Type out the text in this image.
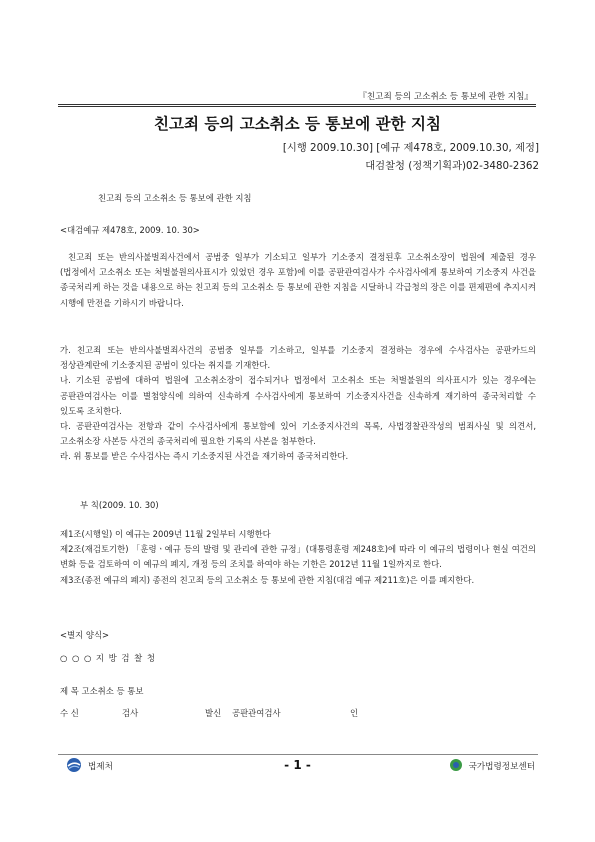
『친고죄 등의 고소취소 등 통보에 관한 지침』
친고죄 등의 고소취소 등 통보에 관한 지침
[시행 2009.10.30] [예규 제478호, 2009.10.30, 제정]
대검찰청 (정책기획과)02-3480-2362
친고죄 등의 고소취소 등 통보에 관한 지침
<대검예규 제478호, 2009. 10. 30>
친고죄 또는 반의사불벌죄사건에서 공범중 일부가 기소되고 일부가 기소중지 결정된후 고소취소장이 법원에 제출된 경우(법정에서 고소취소 또는 처벌불원의사표시가 있었던 경우 포함)에 이를 공판관여검사가 수사검사에게 통보하여 기소중지 사건을 종국처리케 하는 것을 내용으로 하는 친고죄 등의 고소취소 등 통보에 관한 지침을 시달하니 각급청의 장은 이를 편제편에 추지시켜 시행에 만전을 기하시기 바랍니다.
가. 친고죄 또는 반의사불벌죄사건의 공범중 일부를 기소하고, 일부를 기소중지 결정하는 경우에 수사검사는 공판카드의 정상관계란에 기소중지된 공범이 있다는 취지를 기재한다.
나. 기소된 공범에 대하여 법원에 고소취소장이 접수되거나 법정에서 고소취소 또는 처벌불원의 의사표시가 있는 경우에는 공판관여검사는 이를 별첨양식에 의하여 신속하게 수사검사에게 통보하여 기소중지사건을 신속하게 재기하여 종국처리할 수 있도록 조치한다.
다. 공판관여검사는 전항과 같이 수사검사에게 통보함에 있어 기소중지사건의 목록, 사법경찰관작성의 범죄사실 및 의견서, 고소취소장 사본등 사건의 종국처리에 필요한 기록의 사본을 첨부한다.
라. 위 통보를 받은 수사검사는 즉시 기소중지된 사건을 재기하여 종국처리한다.
부 칙(2009. 10. 30)
제1조(시행일) 이 예규는 2009년 11월 2일부터 시행한다
제2조(재검토기한) 「훈령ㆍ예규 등의 발령 및 관리에 관한 규정」(대통령훈령 제248호)에 따라 이 예규의 법령이나 현실 여건의 변화 등을 검토하여 이 예규의 폐지, 개정 등의 조치를 하여야 하는 기한은 2012년 11월 1일까지로 한다.
제3조(종전 예규의 폐지) 종전의 친고죄 등의 고소취소 등 통보에 관한 지침(대검 예규 제211호)은 이를 폐지한다.
<별지 양식>
○ ○ ○ 지 방 검 찰 청
제 목 고소취소 등 통보
수 신	검사	발신 공판관여검사	인
법제처	- 1 -	국가법령정보센터
